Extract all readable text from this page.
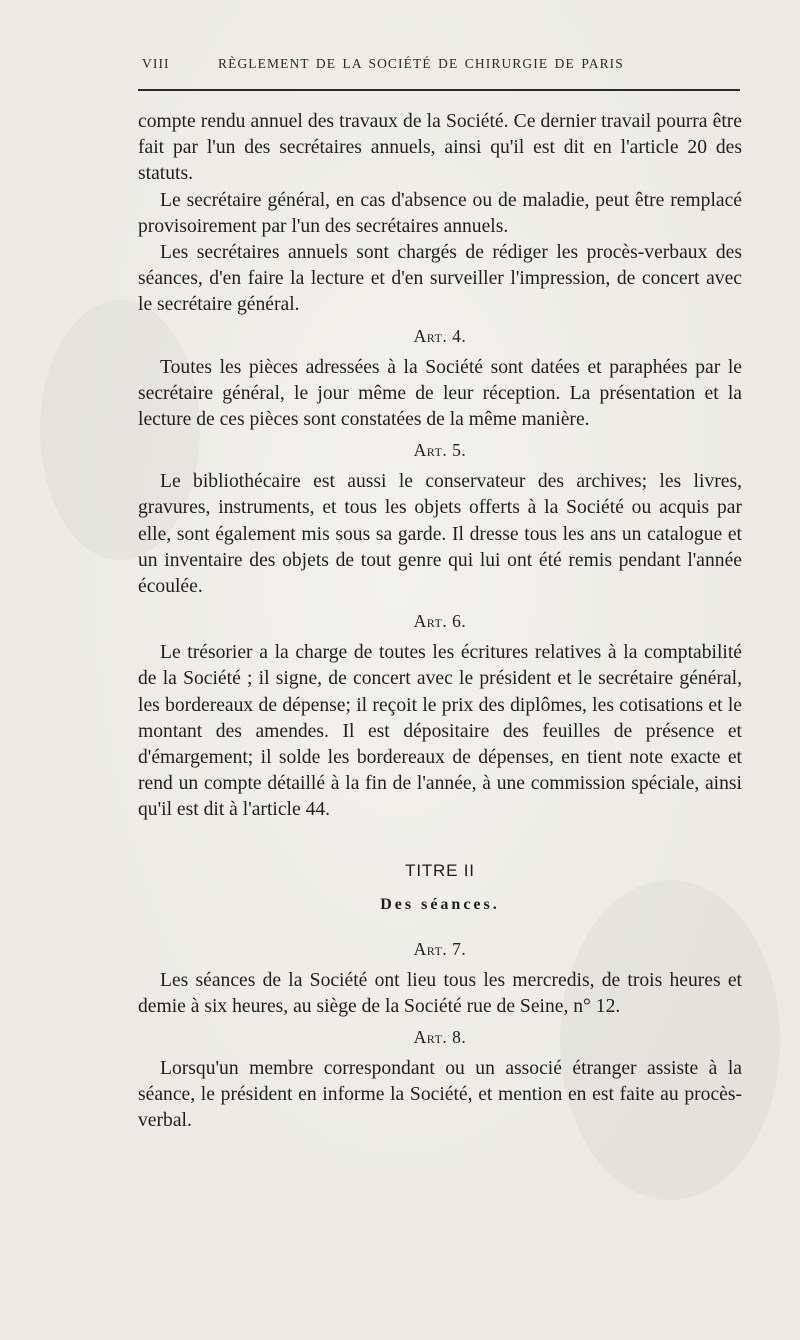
VIII	RÈGLEMENT DE LA SOCIÉTÉ DE CHIRURGIE DE PARIS

compte rendu annuel des travaux de la Société. Ce dernier travail pourra être fait par l'un des secrétaires annuels, ainsi qu'il est dit en l'article 20 des statuts.

Le secrétaire général, en cas d'absence ou de maladie, peut être remplacé provisoirement par l'un des secrétaires annuels.

Les secrétaires annuels sont chargés de rédiger les procès-verbaux des séances, d'en faire la lecture et d'en surveiller l'impression, de concert avec le secrétaire général.

Art. 4.

Toutes les pièces adressées à la Société sont datées et paraphées par le secrétaire général, le jour même de leur réception. La présentation et la lecture de ces pièces sont constatées de la même manière.

Art. 5.

Le bibliothécaire est aussi le conservateur des archives; les livres, gravures, instruments, et tous les objets offerts à la Société ou acquis par elle, sont également mis sous sa garde. Il dresse tous les ans un catalogue et un inventaire des objets de tout genre qui lui ont été remis pendant l'année écoulée.

Art. 6.

Le trésorier a la charge de toutes les écritures relatives à la comptabilité de la Société ; il signe, de concert avec le président et le secrétaire général, les bordereaux de dépense; il reçoit le prix des diplômes, les cotisations et le montant des amendes. Il est dépositaire des feuilles de présence et d'émargement; il solde les bordereaux de dépenses, en tient note exacte et rend un compte détaillé à la fin de l'année, à une commission spéciale, ainsi qu'il est dit à l'article 44.

TITRE II
Des séances.
Art. 7.

Les séances de la Société ont lieu tous les mercredis, de trois heures et demie à six heures, au siège de la Société rue de Seine, n° 12.

Art. 8.

Lorsqu'un membre correspondant ou un associé étranger assiste à la séance, le président en informe la Société, et mention en est faite au procès-verbal.
